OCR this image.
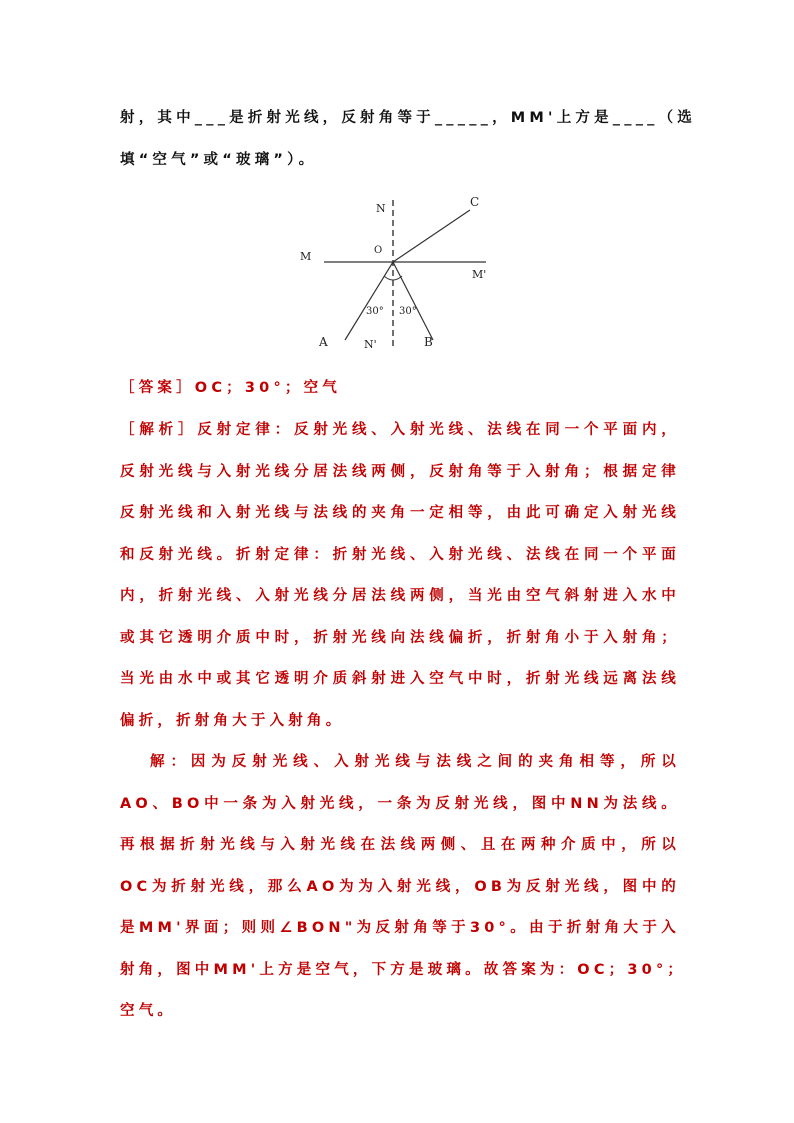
射，其中___是折射光线，反射角等于_____，MM'上方是____（选
填“空气”或“玻璃”）。
N	C
O
M
M'
A	N'	B
30° 30°
［答案］OC；30°；空气
［解析］反射定律：反射光线、入射光线、法线在同一个平面内，
反射光线与入射光线分居法线两侧，反射角等于入射角；根据定律
反射光线和入射光线与法线的夹角一定相等，由此可确定入射光线
和反射光线。折射定律：折射光线、入射光线、法线在同一个平面
内，折射光线、入射光线分居法线两侧，当光由空气斜射进入水中
或其它透明介质中时，折射光线向法线偏折，折射角小于入射角；
当光由水中或其它透明介质斜射进入空气中时，折射光线远离法线
偏折，折射角大于入射角。
解：因为反射光线、入射光线与法线之间的夹角相等，所以
AO、BO中一条为入射光线，一条为反射光线，图中NN为法线。
再根据折射光线与入射光线在法线两侧、且在两种介质中，所以
OC为折射光线，那么AO为为入射光线，OB为反射光线，图中的
是MM'界面；则则∠BON"为反射角等于30°。由于折射角大于入
射角，图中MM'上方是空气，下方是玻璃。故答案为：OC；30°；
空气。
